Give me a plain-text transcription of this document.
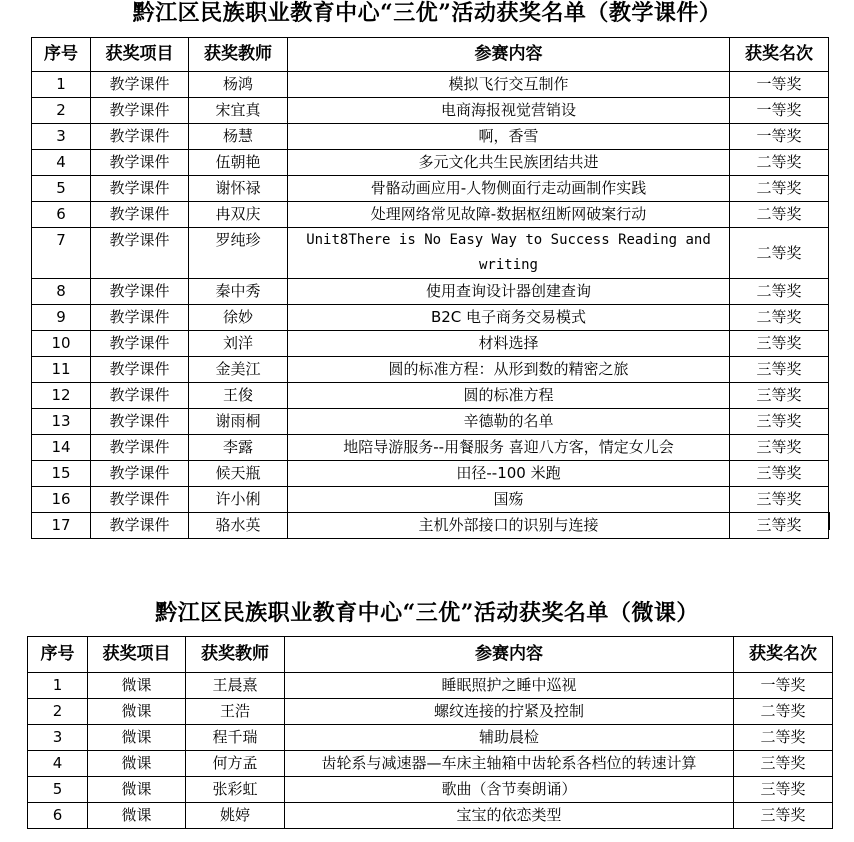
黔江区民族职业教育中心“三优”活动获奖名单（教学课件）
序号	获奖项目	获奖教师	参赛内容	获奖名次
1	教学课件	杨鸿	模拟飞行交互制作	一等奖
2	教学课件	宋宜真	电商海报视觉营销设	一等奖
3	教学课件	杨慧	啊，香雪	一等奖
4	教学课件	伍朝艳	多元文化共生民族团结共进	二等奖
5	教学课件	谢怀禄	骨骼动画应用-人物侧面行走动画制作实践	二等奖
6	教学课件	冉双庆	处理网络常见故障-数据枢纽断网破案行动	二等奖
7	教学课件	罗纯珍	Unit8There is No Easy Way to Success Reading and writing	二等奖
8	教学课件	秦中秀	使用查询设计器创建查询	二等奖
9	教学课件	徐妙	B2C 电子商务交易模式	二等奖
10	教学课件	刘洋	材料选择	三等奖
11	教学课件	金美江	圆的标准方程：从形到数的精密之旅	三等奖
12	教学课件	王俊	圆的标准方程	三等奖
13	教学课件	谢雨桐	辛德勒的名单	三等奖
14	教学课件	李露	地陪导游服务--用餐服务 喜迎八方客，情定女儿会	三等奖
15	教学课件	候天瓶	田径--100 米跑	三等奖
16	教学课件	许小俐	国殇	三等奖
17	教学课件	骆水英	主机外部接口的识别与连接	三等奖
黔江区民族职业教育中心“三优”活动获奖名单（微课）
序号	获奖项目	获奖教师	参赛内容	获奖名次
1	微课	王晨熹	睡眠照护之睡中巡视	一等奖
2	微课	王浩	螺纹连接的拧紧及控制	二等奖
3	微课	程千瑞	辅助晨检	二等奖
4	微课	何方孟	齿轮系与减速器—车床主轴箱中齿轮系各档位的转速计算	三等奖
5	微课	张彩虹	歌曲（含节奏朗诵）	三等奖
6	微课	姚婷	宝宝的依恋类型	三等奖
